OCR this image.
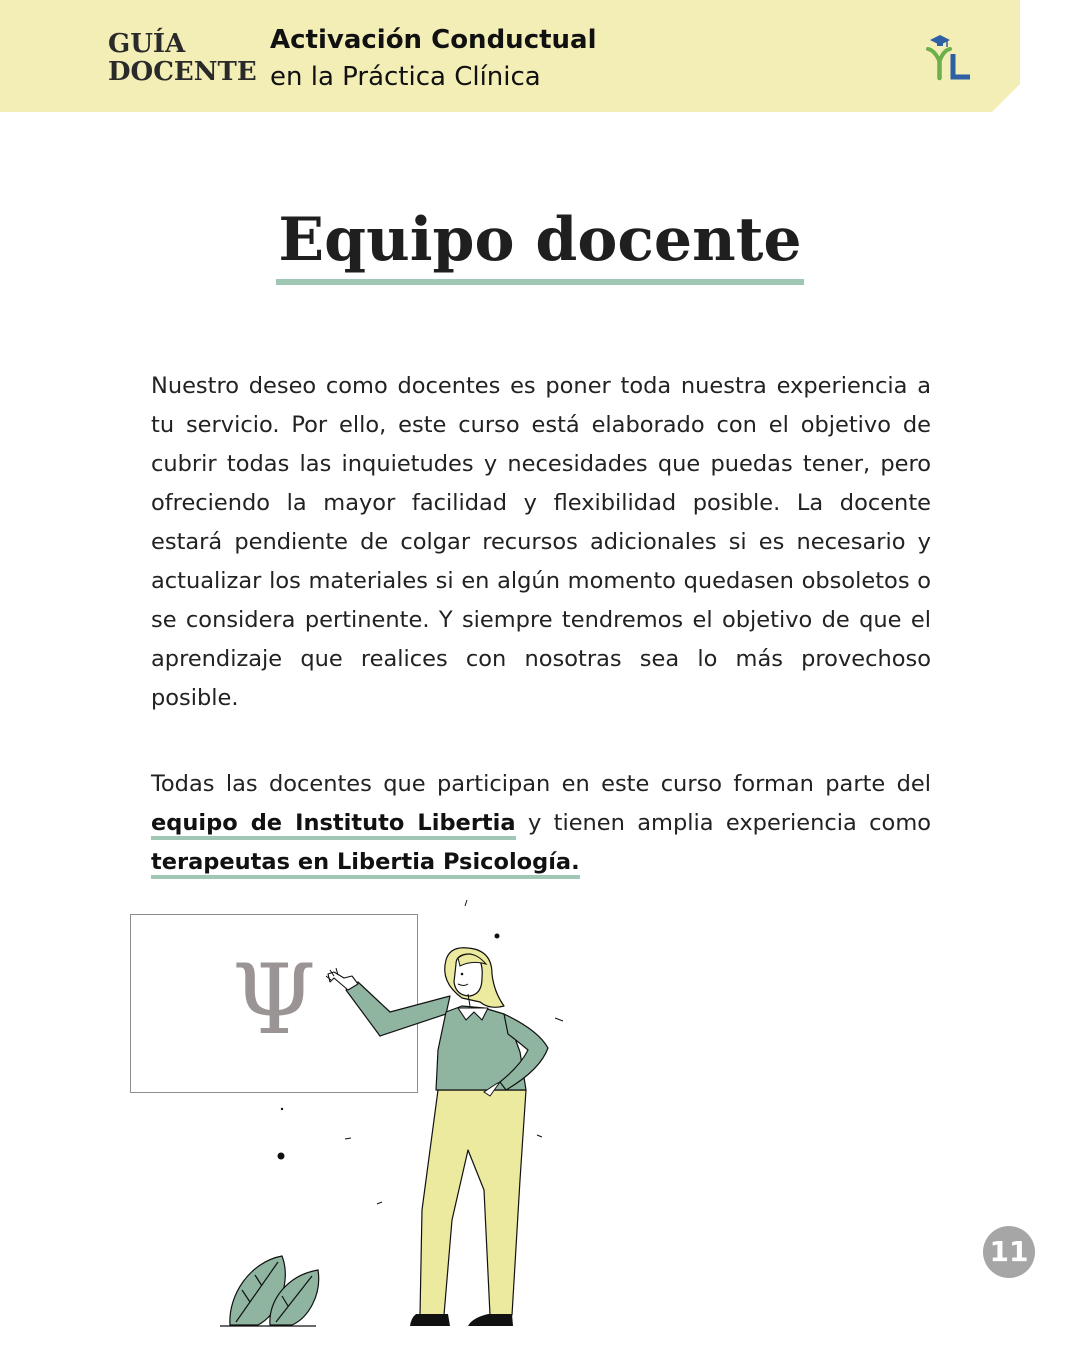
GUÍA
DOCENTE
Activación Conductual
en la Práctica Clínica
Equipo docente

Nuestro deseo como docentes es poner toda nuestra experiencia a tu servicio. Por ello, este curso está elaborado con el objetivo de cubrir todas las inquietudes y necesidades que puedas tener, pero ofreciendo la mayor facilidad y flexibilidad posible. La docente estará pendiente de colgar recursos adicionales si es necesario y actualizar los materiales si en algún momento quedasen obsoletos o se considera pertinente. Y siempre tendremos el objetivo de que el aprendizaje que realices con nosotras sea lo más provechoso posible.

Todas las docentes que participan en este curso forman parte del equipo de Instituto Libertia y tienen amplia experiencia como terapeutas en Libertia Psicología.

Ψ
11
